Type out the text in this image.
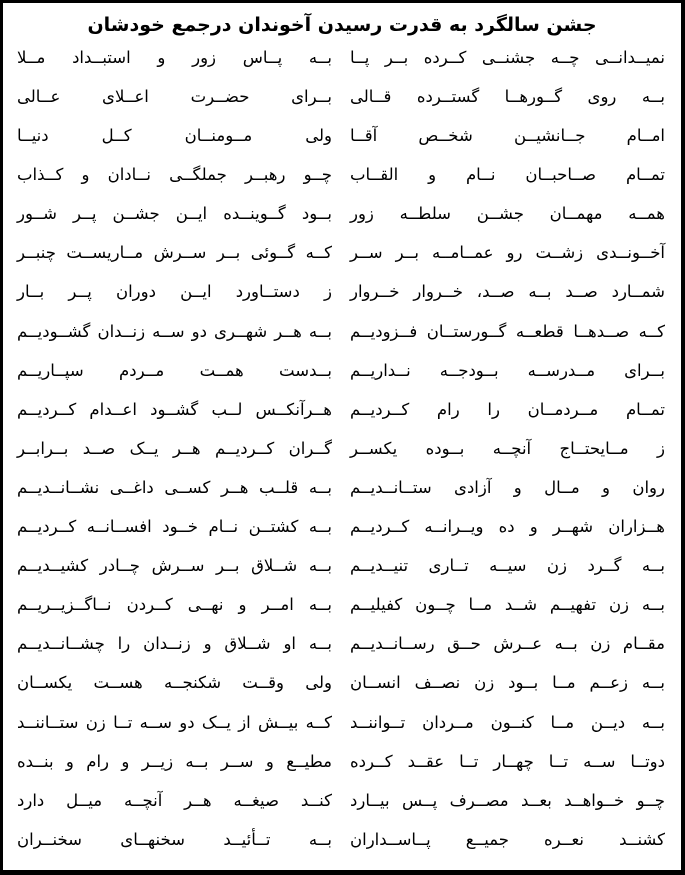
جشن سالگرد به قدرت رسیدن آخوندان درجمع خودشان
نمیــدانــی چــه جشنــی کــرده بــر پــا
بــه پــاس زور و استبــداد مــلا
بــه روی گــورهــا گستــرده قــالی
بــرای حضــرت اعــلای عــالی
امــام جــانشیــن شخــص آقــا
ولی مــومنــان کــل دنیــا
تمــام صــاحبــان نــام و القــاب
چــو رهبــر جملگــی نــادان و کــذاب
همــه مهمــان جشــن سلطــه زور
بــود گــوینــده ایــن جشــن پــر شــور
آخــونــدی زشــت رو عمــامــه بــر ســر
کــه گــوئی بــر ســرش مــاریســت چنبــر
شمــارد صــد بــه صــد، خــروار خــروار
ز دستــاورد ایــن دوران پــر بــار
کــه صــدهــا قطعــه گــورستــان فــزودیــم
بــه هــر شهــری دو ســه زنــدان گشــودیــم
بــرای مــدرســه بــودجــه نــداریــم
بــدست همــت مــردم سپــاریــم
تمــام مــردمــان را رام کــردیــم
هــرآنکــس لــب گشــود اعــدام کــردیــم
ز مــایحتــاج آنچــه بــوده یکســر
گــران کــردیــم هــر یــک صــد بــرابــر
روان و مــال و آزادی ستــانــدیــم
بــه قلــب هــر کســی داغــی نشــانــدیــم
هــزاران شهــر و ده ویــرانــه کــردیــم
بــه کشتــن نــام خــود افســانــه کــردیــم
بــه گــرد زن سیــه تــاری تنیــدیــم
بــه شــلاق بــر ســرش چــادر کشیــدیــم
بــه زن تفهیــم شــد مــا چــون کفیلیــم
بــه امــر و نهــی کــردن نــاگــزیــریــم
مقــام زن بــه عــرش حــق رســانــدیــم
بــه او شــلاق و زنــدان را چشــانــدیــم
بــه زعــم مــا بــود زن نصــف انســان
ولی وقــت شکنجــه هســت یکســان
بــه دیــن مــا کنــون مــردان تــواننــد
کــه بیــش از یــک دو ســه تــا زن ستــاننــد
دوتــا ســه تــا چهــار تــا عقــد کــرده
مطیــع و ســر بــه زیــر و رام و بنــده
چــو خــواهــد بعــد مصــرف پــس بیــارد
کنــد صیغــه هــر آنچــه میــل دارد
کشنــد نعــره جمیــع پــاســداران
بــه تــأئیــد سخنهــای سخنــران
